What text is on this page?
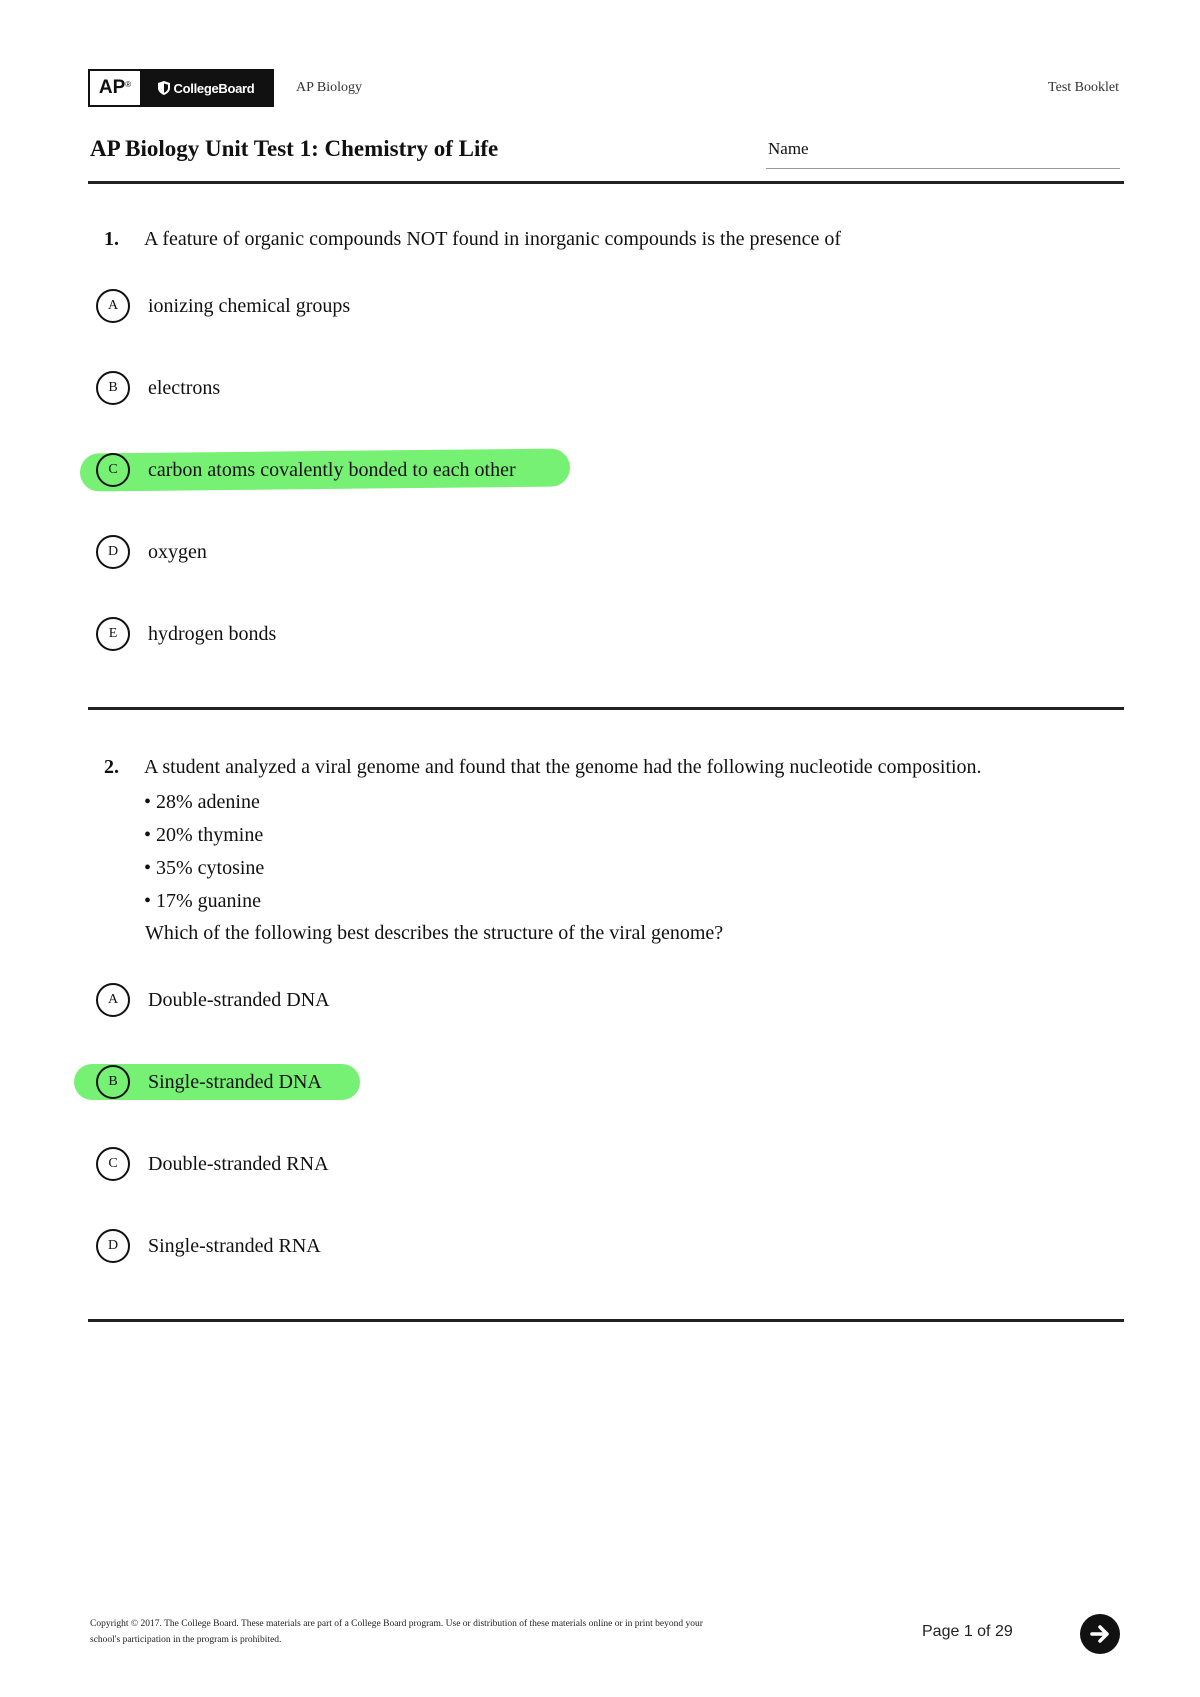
AP®	CollegeBoard	AP Biology	Test Booklet
AP Biology Unit Test 1: Chemistry of Life	Name
1.	A feature of organic compounds NOT found in inorganic compounds is the presence of
A	ionizing chemical groups
B	electrons
C	carbon atoms covalently bonded to each other
D	oxygen
E	hydrogen bonds
2.	A student analyzed a viral genome and found that the genome had the following nucleotide composition.
• 28% adenine
• 20% thymine
• 35% cytosine
• 17% guanine
Which of the following best describes the structure of the viral genome?
A	Double-stranded DNA
B	Single-stranded DNA
C	Double-stranded RNA
D	Single-stranded RNA
Copyright © 2017. The College Board. These materials are part of a College Board program. Use or distribution of these materials online or in print beyond your
school's participation in the program is prohibited.	Page 1 of 29
